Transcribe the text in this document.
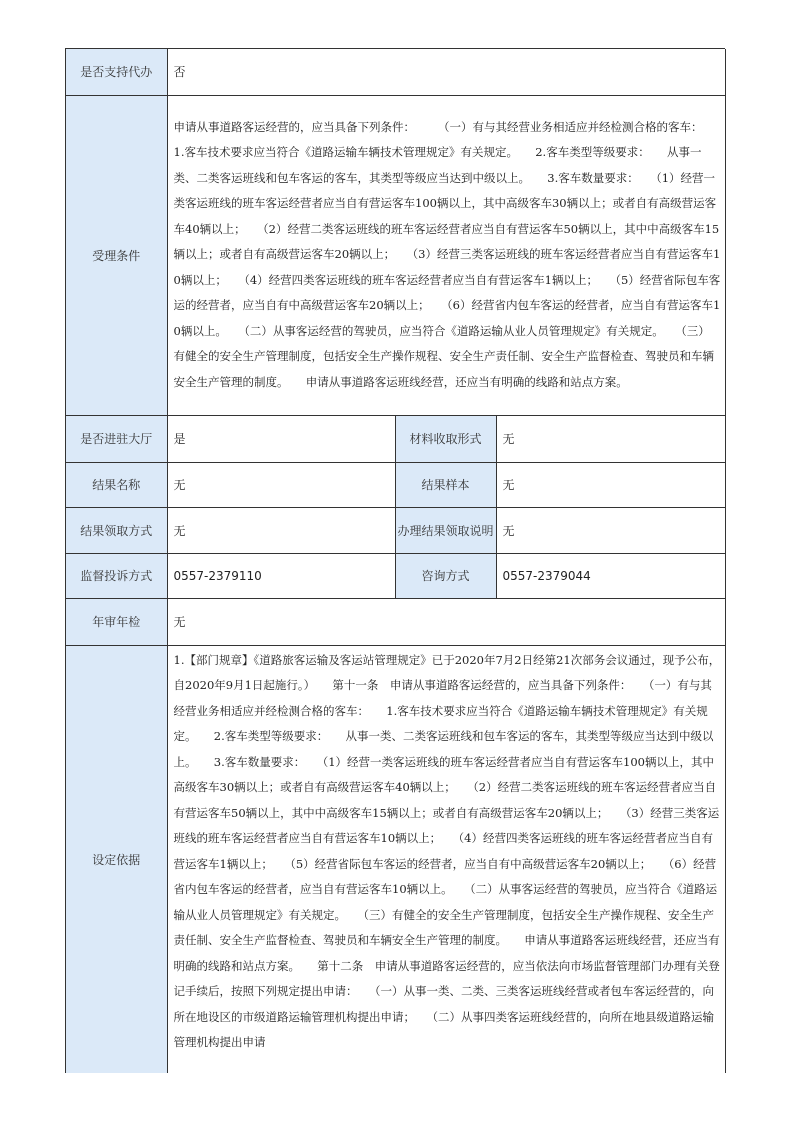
是否支持代办	否		
受理条件	申请从事道路客运经营的，应当具备下列条件：　　　（一）有与其经营业务相适应并经检测合格的客车：　　1.客车技术要求应当符合《道路运输车辆技术管理规定》有关规定。　　2.客车类型等级要求：　　从事一类、二类客运班线和包车客运的客车，其类型等级应当达到中级以上。　　3.客车数量要求：　　（1）经营一类客运班线的班车客运经营者应当自有营运客车100辆以上，其中高级客车30辆以上；或者自有高级营运客车40辆以上；　　（2）经营二类客运班线的班车客运经营者应当自有营运客车50辆以上，其中中高级客车15辆以上；或者自有高级营运客车20辆以上；　　（3）经营三类客运班线的班车客运经营者应当自有营运客车10辆以上；　　（4）经营四类客运班线的班车客运经营者应当自有营运客车1辆以上；　　（5）经营省际包车客运的经营者，应当自有中高级营运客车20辆以上；　　（6）经营省内包车客运的经营者，应当自有营运客车10辆以上。　　（二）从事客运经营的驾驶员，应当符合《道路运输从业人员管理规定》有关规定。　　（三）有健全的安全生产管理制度，包括安全生产操作规程、安全生产责任制、安全生产监督检查、驾驶员和车辆安全生产管理的制度。　　申请从事道路客运班线经营，还应当有明确的线路和站点方案。		
是否进驻大厅	是	材料收取形式	无
结果名称	无	结果样本	无
结果领取方式	无	办理结果领取说明	无
监督投诉方式	0557-2379110	咨询方式	0557-2379044
年审年检	无		
设定依据	1.【部门规章】《道路旅客运输及客运站管理规定》已于2020年7月2日经第21次部务会议通过，现予公布，自2020年9月1日起施行。）　　第十一条　申请从事道路客运经营的，应当具备下列条件：　　（一）有与其经营业务相适应并经检测合格的客车：　　1.客车技术要求应当符合《道路运输车辆技术管理规定》有关规定。　　2.客车类型等级要求：　　从事一类、二类客运班线和包车客运的客车，其类型等级应当达到中级以上。　　3.客车数量要求：　　（1）经营一类客运班线的班车客运经营者应当自有营运客车100辆以上，其中高级客车30辆以上；或者自有高级营运客车40辆以上；　　（2）经营二类客运班线的班车客运经营者应当自有营运客车50辆以上，其中中高级客车15辆以上；或者自有高级营运客车20辆以上；　　（3）经营三类客运班线的班车客运经营者应当自有营运客车10辆以上；　　（4）经营四类客运班线的班车客运经营者应当自有营运客车1辆以上；　　（5）经营省际包车客运的经营者，应当自有中高级营运客车20辆以上；　　（6）经营省内包车客运的经营者，应当自有营运客车10辆以上。　　（二）从事客运经营的驾驶员，应当符合《道路运输从业人员管理规定》有关规定。　　（三）有健全的安全生产管理制度，包括安全生产操作规程、安全生产责任制、安全生产监督检查、驾驶员和车辆安全生产管理的制度。　　申请从事道路客运班线经营，还应当有明确的线路和站点方案。　　第十二条　申请从事道路客运经营的，应当依法向市场监督管理部门办理有关登记手续后，按照下列规定提出申请：　　（一）从事一类、二类、三类客运班线经营或者包车客运经营的，向所在地设区的市级道路运输管理机构提出申请；　　（二）从事四类客运班线经营的，向所在地县级道路运输管理机构提出申请		
